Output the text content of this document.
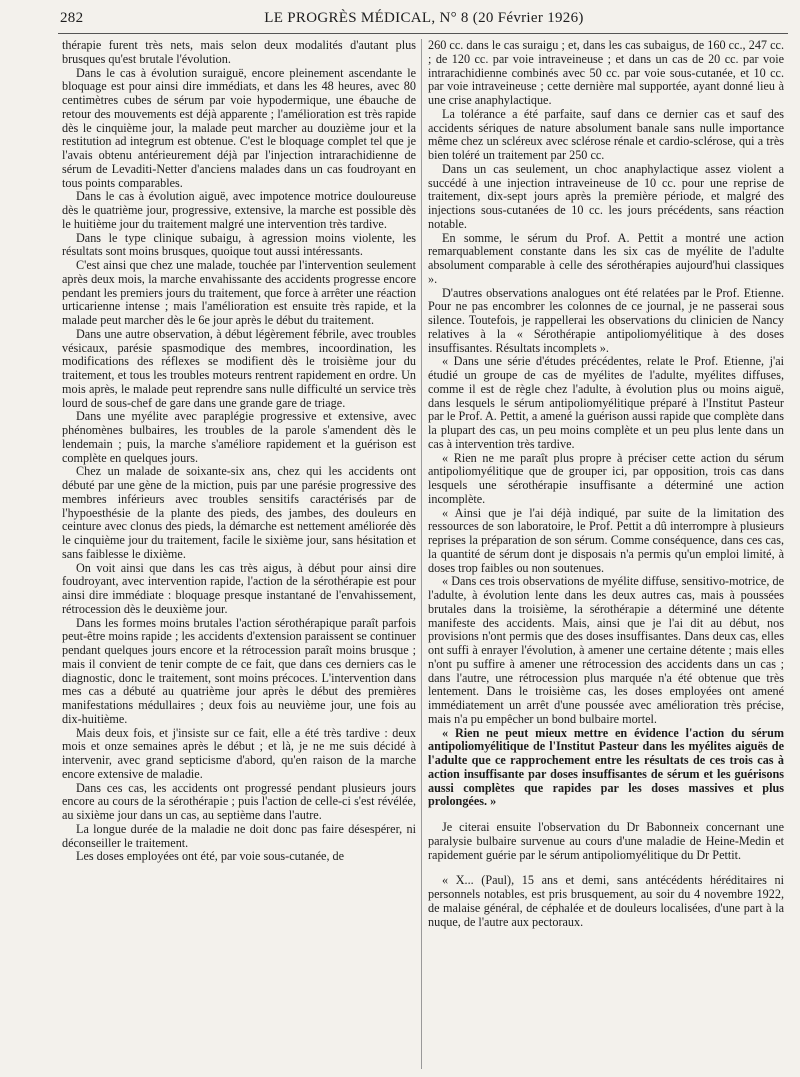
282	LE PROGRÈS MÉDICAL, N° 8 (20 Février 1926)

thérapie furent très nets, mais selon deux modalités d'autant plus brusques qu'est brutale l'évolution.

Dans le cas à évolution suraiguë, encore pleinement ascendante le bloquage est pour ainsi dire immédiats, et dans les 48 heures, avec 80 centimètres cubes de sérum par voie hypodermique, une ébauche de retour des mouvements est déjà apparente ; l'amélioration est très rapide dès le cinquième jour, la malade peut marcher au douzième jour et la restitution ad integrum est obtenue. C'est le bloquage complet tel que je l'avais obtenu antérieurement déjà par l'injection intrarachidienne de sérum de Levaditi-Netter d'anciens malades dans un cas foudroyant en tous points comparables.

Dans le cas à évolution aiguë, avec impotence motrice douloureuse dès le quatrième jour, progressive, extensive, la marche est possible dès le huitième jour du traitement malgré une intervention très tardive.

Dans le type clinique subaigu, à agression moins violente, les résultats sont moins brusques, quoique tout aussi intéressants.

C'est ainsi que chez une malade, touchée par l'intervention seulement après deux mois, la marche envahissante des accidents progresse encore pendant les premiers jours du traitement, que force à arrêter une réaction urticarienne intense ; mais l'amélioration est ensuite très rapide, et la malade peut marcher dès le 6e jour après le début du traitement.

Dans une autre observation, à début légèrement fébrile, avec troubles vésicaux, parésie spasmodique des membres, incoordination, les modifications des réflexes se modifient dès le troisième jour du traitement, et tous les troubles moteurs rentrent rapidement en ordre. Un mois après, le malade peut reprendre sans nulle difficulté un service très lourd de sous-chef de gare dans une grande gare de triage.

Dans une myélite avec paraplégie progressive et extensive, avec phénomènes bulbaires, les troubles de la parole s'amendent dès le lendemain ; puis, la marche s'améliore rapidement et la guérison est complète en quelques jours.

Chez un malade de soixante-six ans, chez qui les accidents ont débuté par une gène de la miction, puis par une parésie progressive des membres inférieurs avec troubles sensitifs caractérisés par de l'hypoesthésie de la plante des pieds, des jambes, des douleurs en ceinture avec clonus des pieds, la démarche est nettement améliorée dès le cinquième jour du traitement, facile le sixième jour, sans hésitation et sans faiblesse le dixième.

On voit ainsi que dans les cas très aigus, à début pour ainsi dire foudroyant, avec intervention rapide, l'action de la sérothérapie est pour ainsi dire immédiate : bloquage presque instantané de l'envahissement, rétrocession dès le deuxième jour.

Dans les formes moins brutales l'action sérothérapique paraît parfois peut-être moins rapide ; les accidents d'extension paraissent se continuer pendant quelques jours encore et la rétrocession paraît moins brusque ; mais il convient de tenir compte de ce fait, que dans ces derniers cas le diagnostic, donc le traitement, sont moins précoces. L'intervention dans mes cas a débuté au quatrième jour après le début des premières manifestations médullaires ; deux fois au neuvième jour, une fois au dix-huitième.

Mais deux fois, et j'insiste sur ce fait, elle a été très tardive : deux mois et onze semaines après le début ; et là, je ne me suis décidé à intervenir, avec grand septicisme d'abord, qu'en raison de la marche encore extensive de maladie.

Dans ces cas, les accidents ont progressé pendant plusieurs jours encore au cours de la sérothérapie ; puis l'action de celle-ci s'est révélée, au sixième jour dans un cas, au septième dans l'autre.

La longue durée de la maladie ne doit donc pas faire désespérer, ni déconseiller le traitement.

Les doses employées ont été, par voie sous-cutanée, de

260 cc. dans le cas suraigu ; et, dans les cas subaigus, de 160 cc., 247 cc. ; de 120 cc. par voie intraveineuse ; et dans un cas de 20 cc. par voie intrarachidienne combinés avec 50 cc. par voie sous-cutanée, et 10 cc. par voie intraveineuse ; cette dernière mal supportée, ayant donné lieu à une crise anaphylactique.

La tolérance a été parfaite, sauf dans ce dernier cas et sauf des accidents sériques de nature absolument banale sans nulle importance même chez un scléreux avec sclérose rénale et cardio-sclérose, qui a très bien toléré un traitement par 250 cc.

Dans un cas seulement, un choc anaphylactique assez violent a succédé à une injection intraveineuse de 10 cc. pour une reprise de traitement, dix-sept jours après la première période, et malgré des injections sous-cutanées de 10 cc. les jours précédents, sans réaction notable.

En somme, le sérum du Prof. A. Pettit a montré une action remarquablement constante dans les six cas de myélite de l'adulte absolument comparable à celle des sérothérapies aujourd'hui classiques ».

D'autres observations analogues ont été relatées par le Prof. Etienne. Pour ne pas encombrer les colonnes de ce journal, je ne passerai sous silence. Toutefois, je rappellerai les observations du clinicien de Nancy relatives à la « Sérothérapie antipoliomyélitique à des doses insuffisantes. Résultats incomplets ».

« Dans une série d'études précédentes, relate le Prof. Etienne, j'ai étudié un groupe de cas de myélites de l'adulte, myélites diffuses, comme il est de règle chez l'adulte, à évolution plus ou moins aiguë, dans lesquels le sérum antipoliomyélitique préparé à l'Institut Pasteur par le Prof. A. Pettit, a amené la guérison aussi rapide que complète dans la plupart des cas, un peu moins complète et un peu plus lente dans un cas à intervention très tardive.

« Rien ne me paraît plus propre à préciser cette action du sérum antipoliomyélitique que de grouper ici, par opposition, trois cas dans lesquels une sérothérapie insuffisante a déterminé une action incomplète.

« Ainsi que je l'ai déjà indiqué, par suite de la limitation des ressources de son laboratoire, le Prof. Pettit a dû interrompre à plusieurs reprises la préparation de son sérum. Comme conséquence, dans ces cas, la quantité de sérum dont je disposais n'a permis qu'un emploi limité, à doses trop faibles ou non soutenues.

« Dans ces trois observations de myélite diffuse, sensitivo-motrice, de l'adulte, à évolution lente dans les deux autres cas, mais à poussées brutales dans la troisième, la sérothérapie a déterminé une détente manifeste des accidents. Mais, ainsi que je l'ai dit au début, nos provisions n'ont permis que des doses insuffisantes. Dans deux cas, elles ont suffi à enrayer l'évolution, à amener une certaine détente ; mais elles n'ont pu suffire à amener une rétrocession des accidents dans un cas ; dans l'autre, une rétrocession plus marquée n'a été obtenue que très lentement. Dans le troisième cas, les doses employées ont amené immédiatement un arrêt d'une poussée avec amélioration très précise, mais n'a pu empêcher un bond bulbaire mortel.

« Rien ne peut mieux mettre en évidence l'action du sérum antipoliomyélitique de l'Institut Pasteur dans les myélites aiguës de l'adulte que ce rapprochement entre les résultats de ces trois cas à action insuffisante par doses insuffisantes de sérum et les guérisons aussi complètes que rapides par les doses massives et plus prolongées. »

Je citerai ensuite l'observation du Dr Babonneix concernant une paralysie bulbaire survenue au cours d'une maladie de Heine-Medin et rapidement guérie par le sérum antipoliomyélitique du Dr Pettit.

« X... (Paul), 15 ans et demi, sans antécédents héréditaires ni personnels notables, est pris brusquement, au soir du 4 novembre 1922, de malaise général, de céphalée et de douleurs localisées, d'une part à la nuque, de l'autre aux pectoraux.
